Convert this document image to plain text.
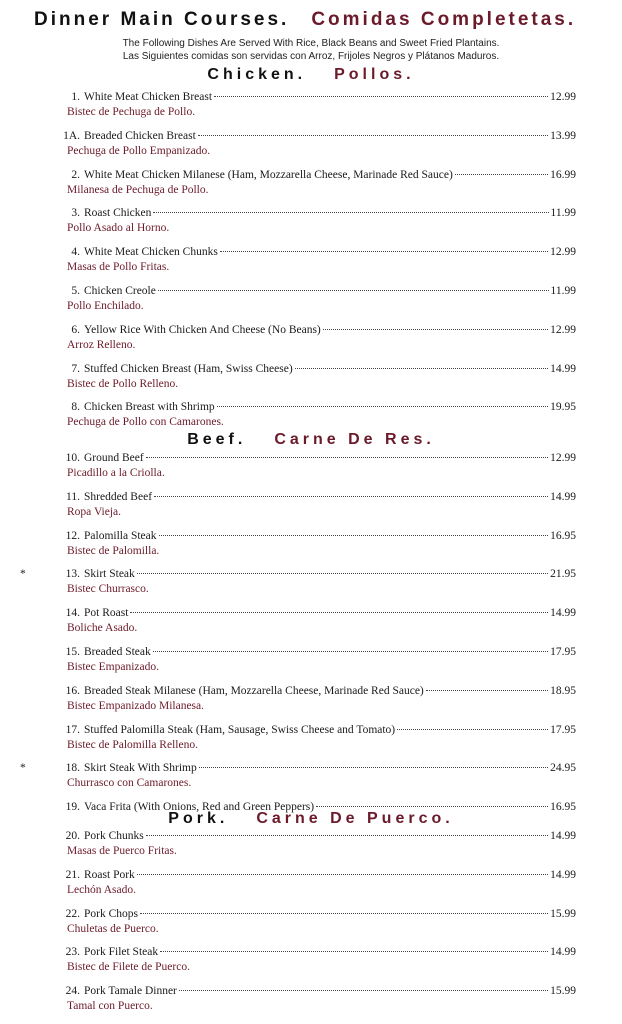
Dinner Main Courses. Comidas Completetas.
The Following Dishes Are Served With Rice, Black Beans and Sweet Fried Plantains.
Las Siguientes comidas son servidas con Arroz, Frijoles Negros y Plátanos Maduros.
Chicken. Pollos.
1. White Meat Chicken Breast	12.99
Bistec de Pechuga de Pollo.
1A. Breaded Chicken Breast	13.99
Pechuga de Pollo Empanizado.
2. White Meat Chicken Milanese (Ham, Mozzarella Cheese, Marinade Red Sauce)	16.99
Milanesa de Pechuga de Pollo.
3. Roast Chicken	11.99
Pollo Asado al Horno.
4. White Meat Chicken Chunks	12.99
Masas de Pollo Fritas.
5. Chicken Creole	11.99
Pollo Enchilado.
6. Yellow Rice With Chicken And Cheese (No Beans)	12.99
Arroz Relleno.
7. Stuffed Chicken Breast (Ham, Swiss Cheese)	14.99
Bistec de Pollo Relleno.
8. Chicken Breast with Shrimp	19.95
Pechuga de Pollo con Camarones.
Beef. Carne De Res.
10. Ground Beef	12.99
Picadillo a la Criolla.
11. Shredded Beef	14.99
Ropa Vieja.
12. Palomilla Steak	16.95
Bistec de Palomilla.
*	13. Skirt Steak	21.95
Bistec Churrasco.
14. Pot Roast	14.99
Boliche Asado.
15. Breaded Steak	17.95
Bistec Empanizado.
16. Breaded Steak Milanese (Ham, Mozzarella Cheese, Marinade Red Sauce)	18.95
Bistec Empanizado Milanesa.
17. Stuffed Palomilla Steak (Ham, Sausage, Swiss Cheese and Tomato)	17.95
Bistec de Palomilla Relleno.
*	18. Skirt Steak With Shrimp	24.95
Churrasco con Camarones.
19. Vaca Frita (With Onions, Red and Green Peppers)	16.95
Pork. Carne De Puerco.
20. Pork Chunks	14.99
Masas de Puerco Fritas.
21. Roast Pork	14.99
Lechón Asado.
22. Pork Chops	15.99
Chuletas de Puerco.
23. Pork Filet Steak	14.99
Bistec de Filete de Puerco.
24. Pork Tamale Dinner	15.99
Tamal con Puerco.
